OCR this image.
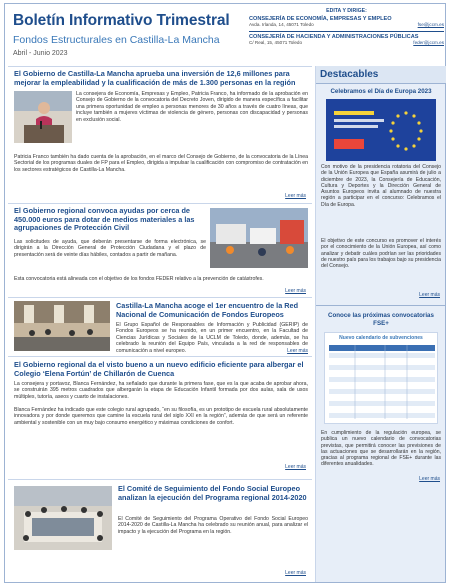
Boletín Informativo Trimestral
Fondos Estructurales en Castilla-La Mancha
Abril - Junio 2023
EDITA Y DIRIGE:
CONSEJERÍA DE ECONOMÍA, EMPRESAS Y EMPLEO
Avda. Irlanda, 14, 45071 Toledo	fse@jccm.es
CONSEJERÍA DE HACIENDA Y ADMINISTRACIONES PÚBLICAS
C/ Real, 15, 45071 Toledo	feder@jccm.es
El Gobierno de Castilla-La Mancha aprueba una inversión de 12,6 millones para mejorar la empleabilidad y la cualificación de más de 1.300 personas en la región

La consejera de Economía, Empresas y Empleo, Patricia Franco, ha informado de la aprobación en Consejo de Gobierno de la convocatoria del Decreto Joven, dirigido de manera específica a facilitar una primera oportunidad de empleo a personas menores de 30 años a través de cuatro líneas, que incluye también a mujeres víctimas de violencia de género, personas con discapacidad y personas en exclusión social.

Patricia Franco también ha dado cuenta de la aprobación, en el marco del Consejo de Gobierno, de la convocatoria de la Línea Sectorial de los programas duales de FP para el Empleo, dirigida a impulsar la cualificación con compromiso de contratación en los sectores estratégicos de Castilla-La Mancha.

Leer más
El Gobierno regional convoca ayudas por cerca de 450.000 euros para dotar de medios materiales a las agrupaciones de Protección Civil

Las solicitudes de ayuda, que deberán presentarse de forma electrónica, se dirigirán a la Dirección General de Protección Ciudadana y el plazo de presentación será de veinte días hábiles, contados a partir de mañana.

Esta convocatoria está alineada con el objetivo de los fondos FEDER relativo a la prevención de catástrofes.

Leer más
Castilla-La Mancha acoge el 1er encuentro de la Red Nacional de Comunicación de Fondos Europeos

El Grupo Español de Responsables de Información y Publicidad (GERIP) de Fondos Europeos se ha reunido, en un primer encuentro, en la Facultad de Ciencias Jurídicas y Sociales de la UCLM de Toledo, donde, además, se ha celebrado la reunión del Equipo País, vinculada a la red de responsables de comunicación a nivel europeo.	Leer más
El Gobierno regional da el visto bueno a un nuevo edificio eficiente para albergar el Colegio ‘Elena Fortún’ de Chillarón de Cuenca

La consejera y portavoz, Blanca Fernández, ha señalado que durante la primera fase, que es la que acaba de aprobar ahora, se construirán 395 metros cuadrados que albergarán la etapa de Educación Infantil formada por dos aulas, sala de usos múltiples, tutoría, aseos y cuarto de instalaciones.

Blanca Fernández ha indicado que este colegio rural agrupado, “en su filosofía, es un prototipo de escuela rural absolutamente innovadora y por donde queremos que camine la escuela rural del siglo XXI en la región”, además de que será un referente ambiental y sostenible con un muy bajo consumo energético y máximas condiciones de confort.

Leer más
El Comité de Seguimiento del Fondo Social Europeo analizan la ejecución del Programa regional 2014-2020

El Comité de Seguimiento del Programa Operativo del Fondo Social Europeo 2014-2020 de Castilla-La Mancha ha celebrado su reunión anual, para analizar el impacto y la ejecución del Programa en la región.

Leer más
Destacables
Celebramos el Día de Europa 2023

Con motivo de la presidencia rotatoria del Consejo de la Unión Europea que España asumirá de julio a diciembre de 2023, la Consejería de Educación, Cultura y Deportes y la Dirección General de Asuntos Europeos invita al alumnado de nuestra región a participar en el concurso: Celebramos el Día de Europa.

El objetivo de este concurso es promover el interés por el conocimiento de la Unión Europea, así como analizar y debatir cuáles podrían ser las prioridades de nuestro país para los trabajos bajo su presidencia del Consejo.

Leer más
Conoce las próximas convocatorias FSE+
Nuevo calendario de subvenciones

En cumplimiento de la regulación europea, se publica un nuevo calendario de convocatorias previstas, que permitirá conocer las previsiones de las actuaciones que se desarrollarán en la región, gracias al programa regional de FSE+ durante las diferentes anualidades.

Leer más
